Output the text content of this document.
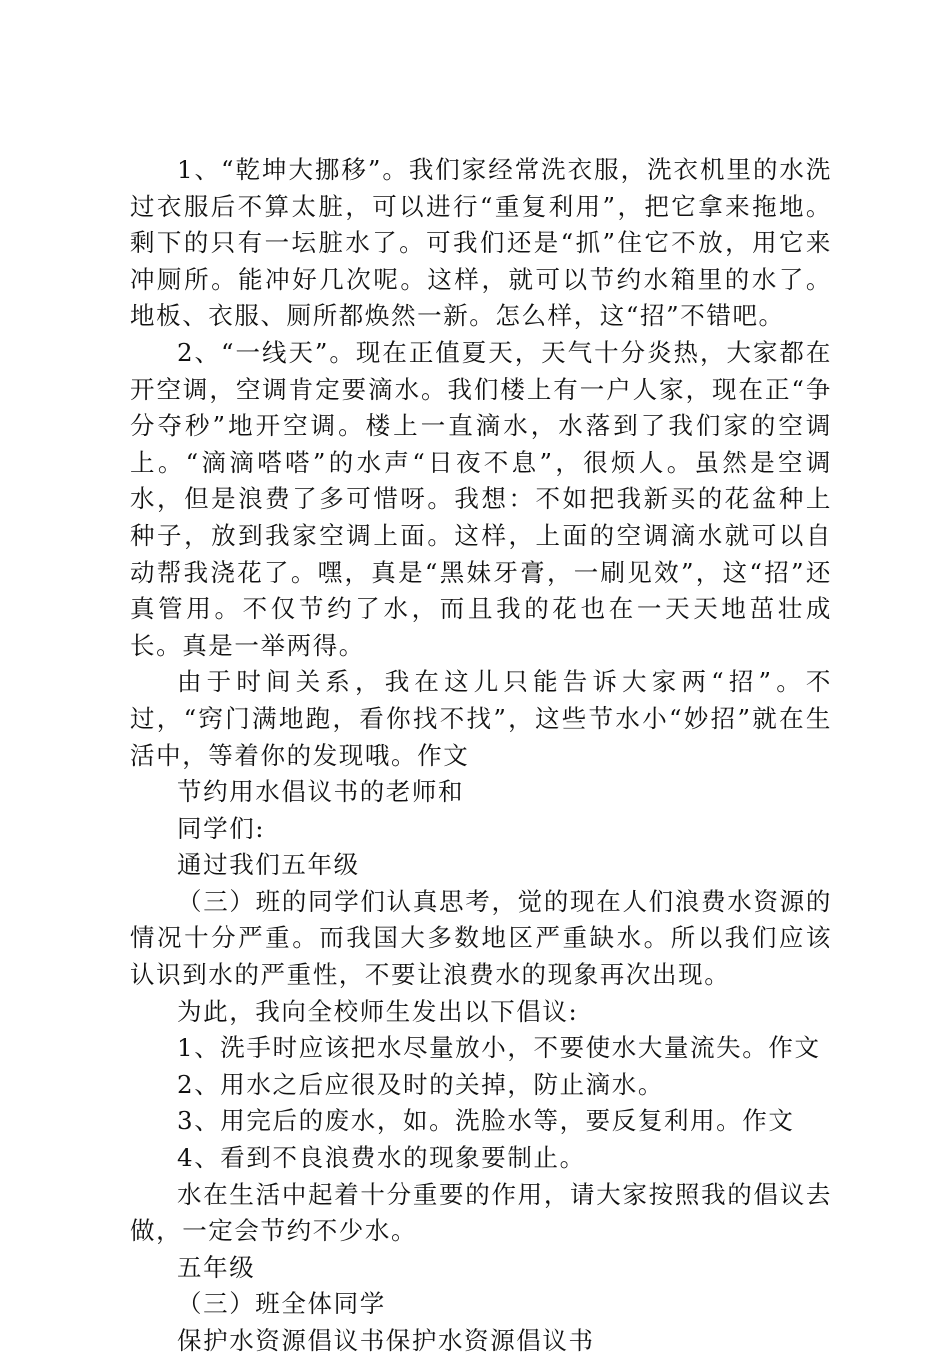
1、“乾坤大挪移”。我们家经常洗衣服，洗衣机里的水洗过衣服后不算太脏，可以进行“重复利用”，把它拿来拖地。剩下的只有一坛脏水了。可我们还是“抓”住它不放，用它来冲厕所。能冲好几次呢。这样，就可以节约水箱里的水了。地板、衣服、厕所都焕然一新。怎么样，这“招”不错吧。

2、“一线天”。现在正值夏天，天气十分炎热，大家都在开空调，空调肯定要滴水。我们楼上有一户人家，现在正“争分夺秒”地开空调。楼上一直滴水，水落到了我们家的空调上。“滴滴嗒嗒”的水声“日夜不息”，很烦人。虽然是空调水，但是浪费了多可惜呀。我想：不如把我新买的花盆种上种子，放到我家空调上面。这样，上面的空调滴水就可以自动帮我浇花了。嘿，真是“黑妹牙膏，一刷见效”，这“招”还真管用。不仅节约了水，而且我的花也在一天天地茁壮成长。真是一举两得。

由于时间关系，我在这儿只能告诉大家两“招”。不过，“窍门满地跑，看你找不找”，这些节水小“妙招”就在生活中，等着你的发现哦。作文

节约用水倡议书的老师和

同学们:

通过我们五年级

（三）班的同学们认真思考，觉的现在人们浪费水资源的情况十分严重。而我国大多数地区严重缺水。所以我们应该认识到水的严重性，不要让浪费水的现象再次出现。

为此，我向全校师生发出以下倡议:

1、洗手时应该把水尽量放小，不要使水大量流失。作文

2、用水之后应很及时的关掉，防止滴水。

3、用完后的废水，如。洗脸水等，要反复利用。作文

4、看到不良浪费水的现象要制止。

水在生活中起着十分重要的作用，请大家按照我的倡议去做，一定会节约不少水。

五年级

（三）班全体同学

保护水资源倡议书保护水资源倡议书
